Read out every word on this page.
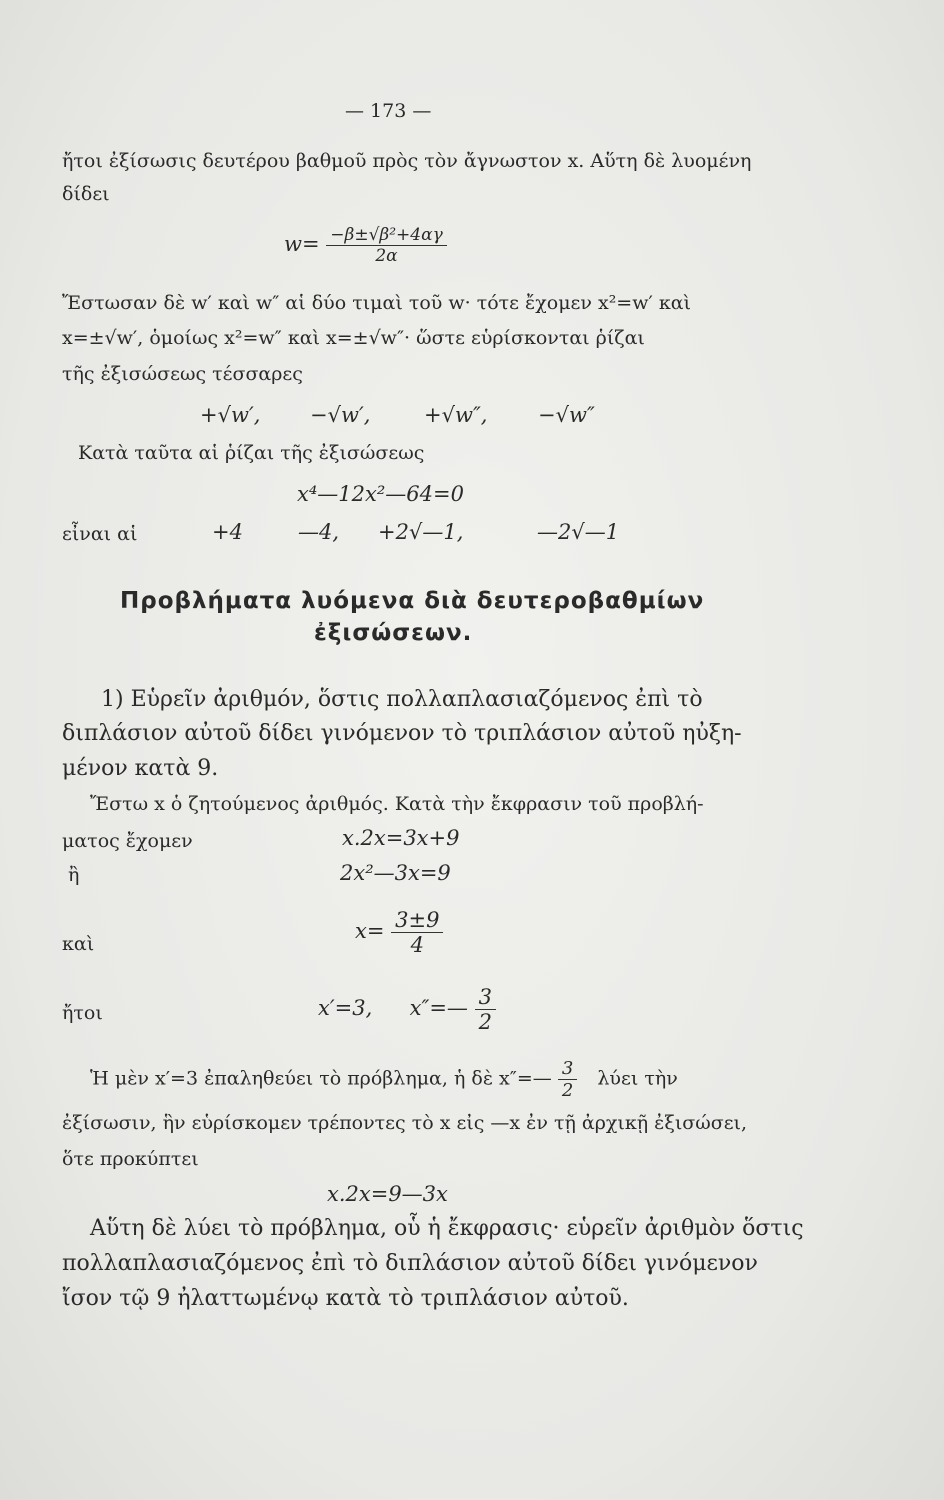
— 173 —
ἤτοι ἐξίσωσις δευτέρου βαθμοῦ πρὸς τὸν ἄγνωστον x. Αὕτη δὲ λυομένη
δίδει
$w= \frac{\text{−β±√β²+4αγ}}{2\alpha}$
Ἔστωσαν δὲ w′ καὶ w″ αἱ δύο τιμαὶ τοῦ w· τότε ἔχομεν x²=w′ καὶ
x=±√w′, ὁμοίως x²=w″ καὶ x=±√w″· ὥστε εὑρίσκονται ῥίζαι
τῆς ἐξισώσεως τέσσαρες
+√w′, −√w′,	+√w″, −√w″
Κατὰ ταῦτα αἱ ῥίζαι τῆς ἐξισώσεως
x⁴—12x²—64=0
εἶναι αἱ	+4	—4, +2√—1,	—2√—1
Προβλήματα λυόμενα διὰ δευτεροβαθμίων
ἐξισώσεων.
1) Εὑρεῖν ἀριθμόν, ὅστις πολλαπλασιαζόμενος ἐπὶ τὸ
διπλάσιον αὐτοῦ δίδει γινόμενον τὸ τριπλάσιον αὐτοῦ ηὐξη-
μένον κατὰ 9.
Ἔστω x ὁ ζητούμενος ἀριθμός. Κατὰ τὴν ἔκφρασιν τοῦ προβλή-
ματος ἔχομεν	x.2x=3x+9
ἢ	2x²—3x=9
καὶ
$x= \frac{3\pm 9}{4}$
ἤτοι	x′=3, x″=— $\frac{3}{2}$
Ἡ μὲν x′=3 ἐπαληθεύει τὸ πρόβλημα, ἡ δὲ x″=— $\frac{3}{2}$ λύει τὴν
ἐξίσωσιν, ἣν εὑρίσκομεν τρέποντες τὸ x εἰς —x ἐν τῇ ἀρχικῇ ἐξισώσει,
ὅτε προκύπτει
x.2x=9—3x
Αὕτη δὲ λύει τὸ πρόβλημα, οὗ ἡ ἔκφρασις· εὑρεῖν ἀριθμὸν ὅστις
πολλαπλασιαζόμενος ἐπὶ τὸ διπλάσιον αὐτοῦ δίδει γινόμενον
ἴσον τῷ 9 ἠλαττωμένῳ κατὰ τὸ τριπλάσιον αὐτοῦ.
